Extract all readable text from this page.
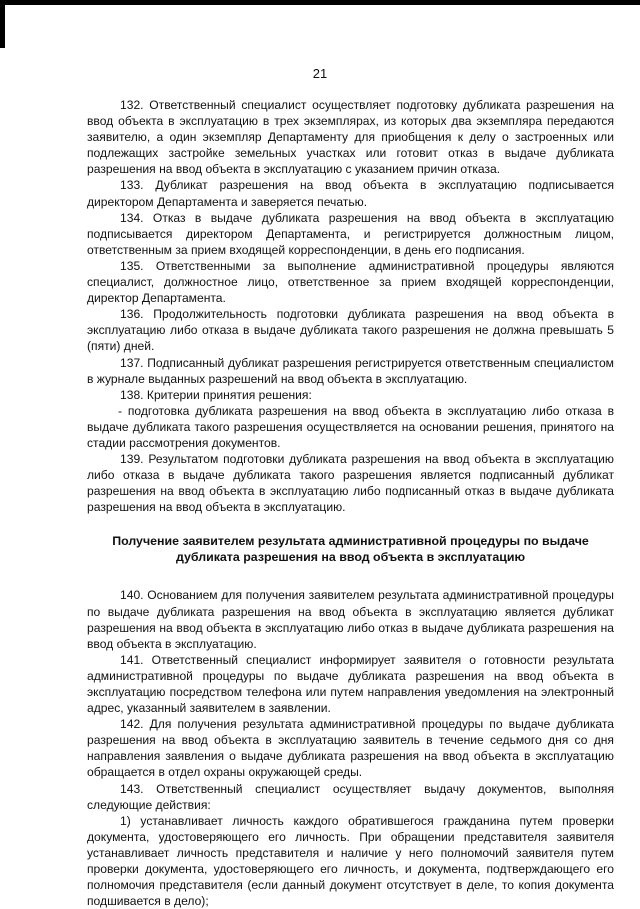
21

132. Ответственный специалист осуществляет подготовку дубликата разрешения на ввод объекта в эксплуатацию в трех экземплярах, из которых два экземпляра передаются заявителю, а один экземпляр Департаменту для приобщения к делу о застроенных или подлежащих застройке земельных участках или готовит отказ в выдаче дубликата разрешения на ввод объекта в эксплуатацию с указанием причин отказа.

133. Дубликат разрешения на ввод объекта в эксплуатацию подписывается директором Департамента и заверяется печатью.

134. Отказ в выдаче дубликата разрешения на ввод объекта в эксплуатацию подписывается директором Департамента, и регистрируется должностным лицом, ответственным за прием входящей корреспонденции, в день его подписания.

135. Ответственными за выполнение административной процедуры являются специалист, должностное лицо, ответственное за прием входящей корреспонденции, директор Департамента.

136. Продолжительность подготовки дубликата разрешения на ввод объекта в эксплуатацию либо отказа в выдаче дубликата такого разрешения не должна превышать 5 (пяти) дней.

137. Подписанный дубликат разрешения регистрируется ответственным специалистом в журнале выданных разрешений на ввод объекта в эксплуатацию.

138. Критерии принятия решения:

- подготовка дубликата разрешения на ввод объекта в эксплуатацию либо отказа в выдаче дубликата такого разрешения осуществляется на основании решения, принятого на стадии рассмотрения документов.

139. Результатом подготовки дубликата разрешения на ввод объекта в эксплуатацию либо отказа в выдаче дубликата такого разрешения является подписанный дубликат разрешения на ввод объекта в эксплуатацию либо подписанный отказ в выдаче дубликата разрешения на ввод объекта в эксплуатацию.

Получение заявителем результата административной процедуры по выдаче дубликата разрешения на ввод объекта в эксплуатацию

140. Основанием для получения заявителем результата административной процедуры по выдаче дубликата разрешения на ввод объекта в эксплуатацию является дубликат разрешения на ввод объекта в эксплуатацию либо отказ в выдаче дубликата разрешения на ввод объекта в эксплуатацию.

141. Ответственный специалист информирует заявителя о готовности результата административной процедуры по выдаче дубликата разрешения на ввод объекта в эксплуатацию посредством телефона или путем направления уведомления на электронный адрес, указанный заявителем в заявлении.

142. Для получения результата административной процедуры по выдаче дубликата разрешения на ввод объекта в эксплуатацию заявитель в течение седьмого дня со дня направления заявления о выдаче дубликата разрешения на ввод объекта в эксплуатацию обращается в отдел охраны окружающей среды.

143. Ответственный специалист осуществляет выдачу документов, выполняя следующие действия:

1) устанавливает личность каждого обратившегося гражданина путем проверки документа, удостоверяющего его личность. При обращении представителя заявителя устанавливает личность представителя и наличие у него полномочий заявителя путем проверки документа, удостоверяющего его личность, и документа, подтверждающего его полномочия представителя (если данный документ отсутствует в деле, то копия документа подшивается в дело);
